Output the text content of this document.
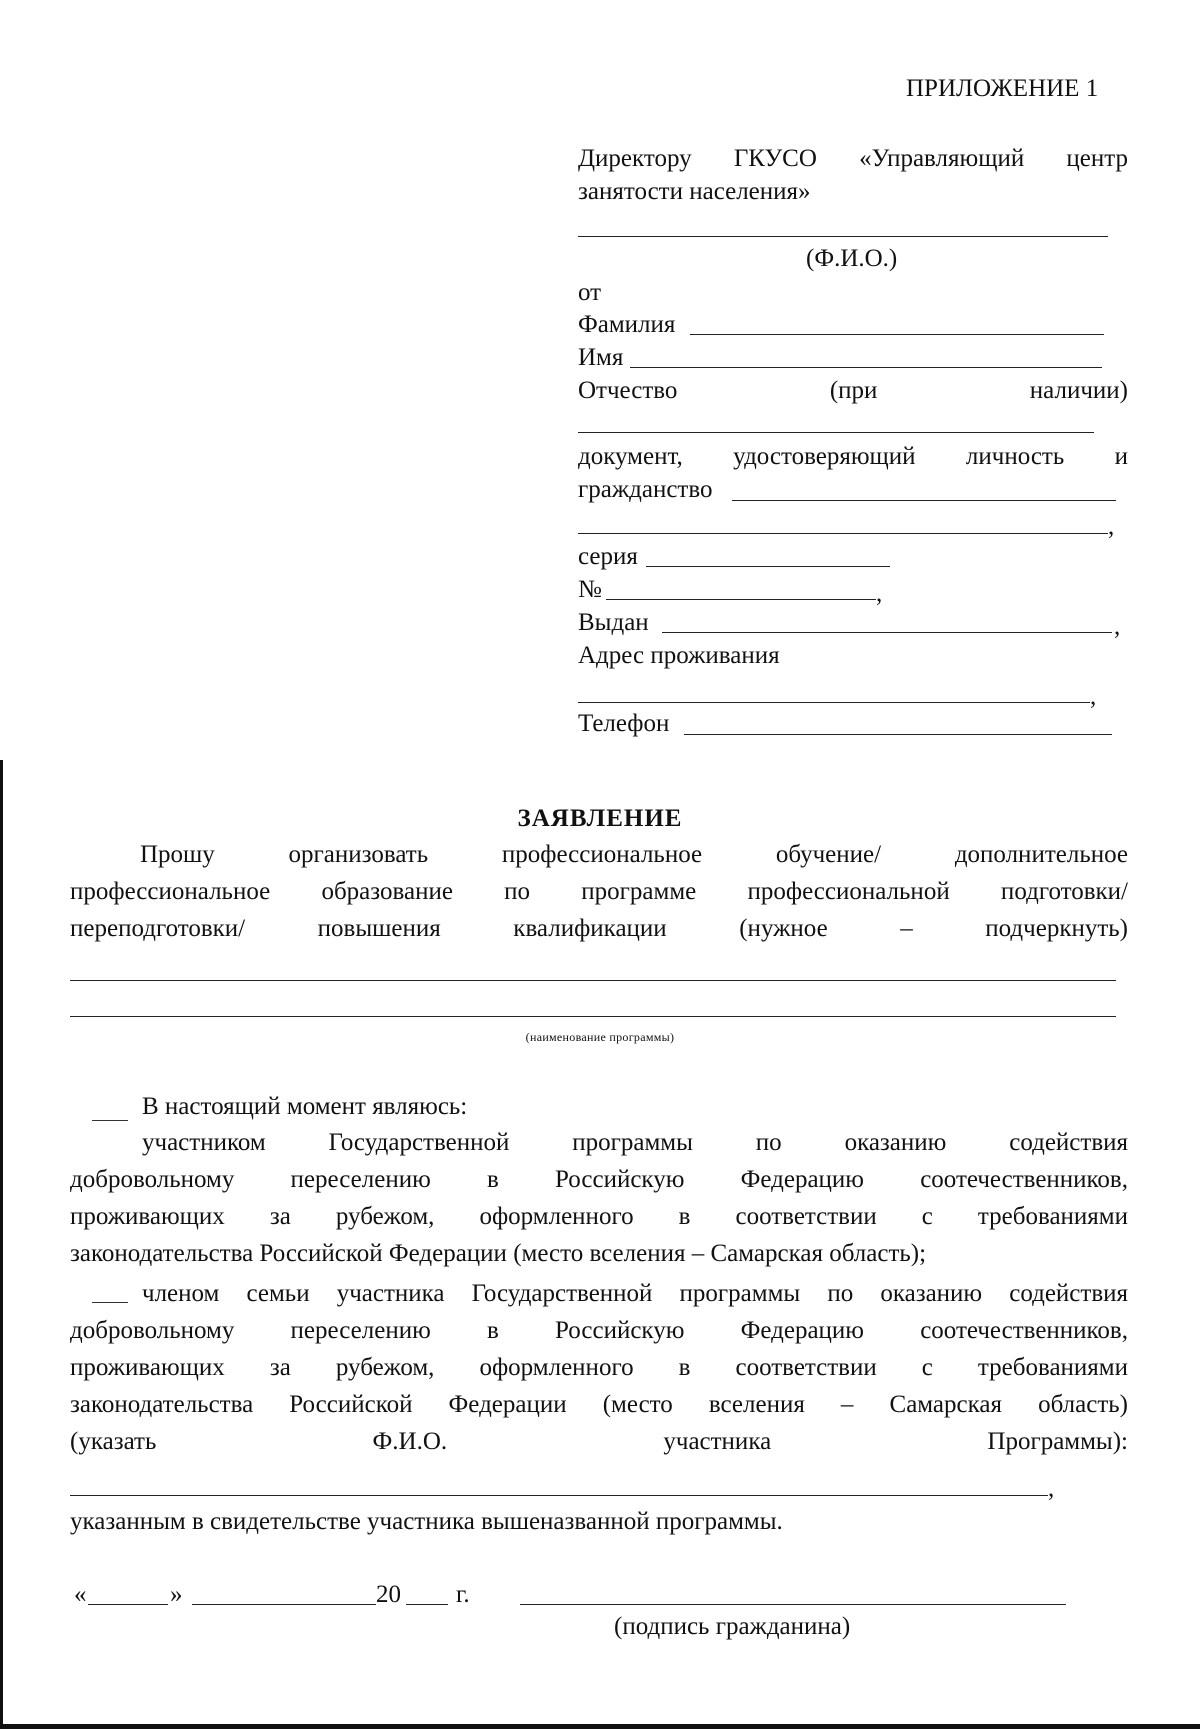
ПРИЛОЖЕНИЕ 1
Директору ГКУСО «Управляющий центр
занятости населения»
(Ф.И.О.)
от
Фамилия
Имя
Отчество (при наличии)
документ, удостоверяющий личность и
гражданство
,
серия
№	,
Выдан	,
Адрес проживания
,
Телефон
ЗАЯВЛЕНИЕ
Прошу организовать профессиональное обучение/ дополнительное
профессиональное образование по программе профессиональной подготовки/
переподготовки/ повышения квалификации (нужное – подчеркнуть)
(наименование программы)
В настоящий момент являюсь:
участником Государственной программы по оказанию содействия
добровольному переселению в Российскую Федерацию соотечественников,
проживающих за рубежом, оформленного в соответствии с требованиями
законодательства Российской Федерации (место вселения – Самарская область);
членом семьи участника Государственной программы по оказанию содействия
добровольному переселению в Российскую Федерацию соотечественников,
проживающих за рубежом, оформленного в соответствии с требованиями
законодательства Российской Федерации (место вселения – Самарская область)
(указать Ф.И.О. участника Программы):
,
указанным в свидетельстве участника вышеназванной программы.
«	»	20 г.
(подпись гражданина)
